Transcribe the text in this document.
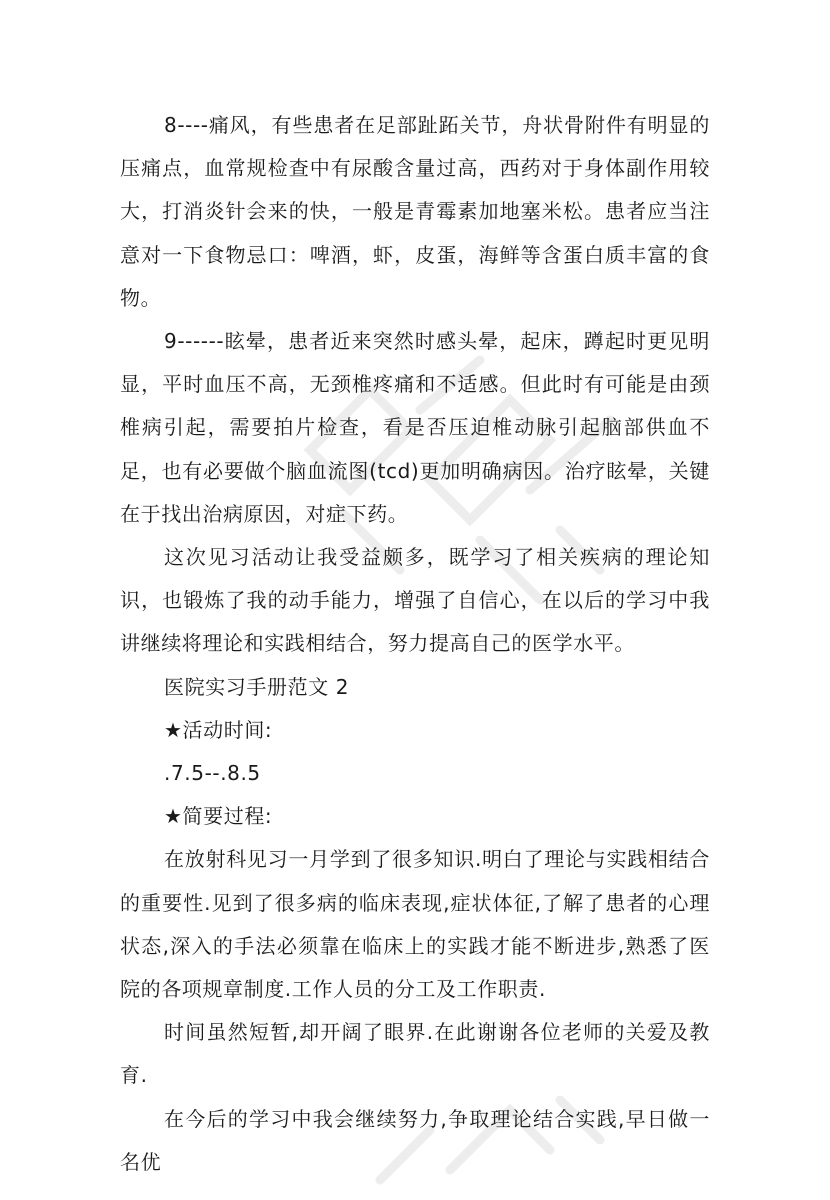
8----痛风，有些患者在足部趾跖关节，舟状骨附件有明显的压痛点，血常规检查中有尿酸含量过高，西药对于身体副作用较大，打消炎针会来的快，一般是青霉素加地塞米松。患者应当注意对一下食物忌口：啤酒，虾，皮蛋，海鲜等含蛋白质丰富的食物。

9------眩晕，患者近来突然时感头晕，起床，蹲起时更见明显，平时血压不高，无颈椎疼痛和不适感。但此时有可能是由颈椎病引起，需要拍片检查，看是否压迫椎动脉引起脑部供血不足，也有必要做个脑血流图(tcd)更加明确病因。治疗眩晕，关键在于找出治病原因，对症下药。

这次见习活动让我受益颇多，既学习了相关疾病的理论知识，也锻炼了我的动手能力，增强了自信心，在以后的学习中我讲继续将理论和实践相结合，努力提高自己的医学水平。

医院实习手册范文 2

★活动时间:

.7.5--.8.5

★简要过程:

在放射科见习一月学到了很多知识.明白了理论与实践相结合的重要性.见到了很多病的临床表现,症状体征,了解了患者的心理状态,深入的手法必须靠在临床上的实践才能不断进步,熟悉了医院的各项规章制度.工作人员的分工及工作职责.

时间虽然短暂,却开阔了眼界.在此谢谢各位老师的关爱及教育.

在今后的学习中我会继续努力,争取理论结合实践,早日做一名优
